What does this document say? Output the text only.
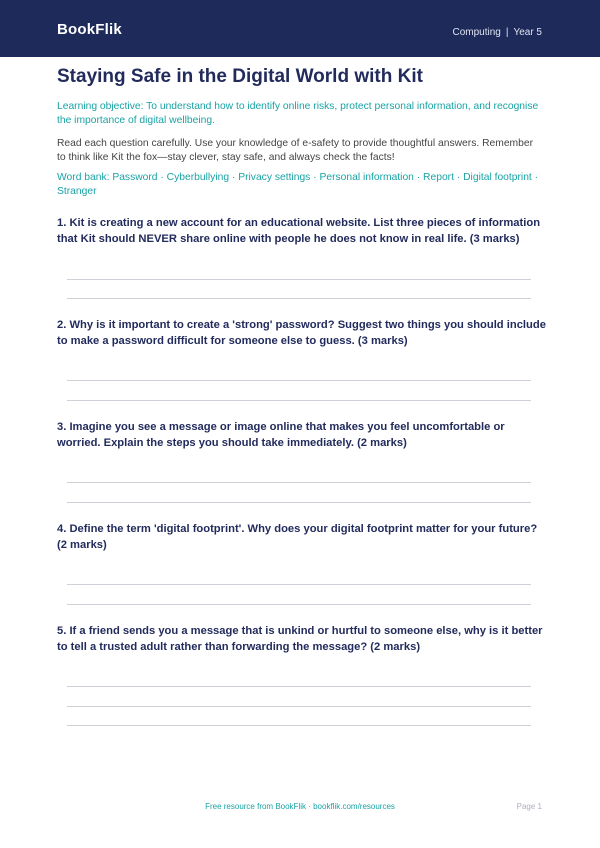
BookFlik	Computing | Year 5
Staying Safe in the Digital World with Kit
Learning objective: To understand how to identify online risks, protect personal information, and recognise the importance of digital wellbeing.
Read each question carefully. Use your knowledge of e-safety to provide thoughtful answers. Remember to think like Kit the fox—stay clever, stay safe, and always check the facts!
Word bank: Password · Cyberbullying · Privacy settings · Personal information · Report · Digital footprint · Stranger
1. Kit is creating a new account for an educational website. List three pieces of information that Kit should NEVER share online with people he does not know in real life. (3 marks)
2. Why is it important to create a 'strong' password? Suggest two things you should include to make a password difficult for someone else to guess. (3 marks)
3. Imagine you see a message or image online that makes you feel uncomfortable or worried. Explain the steps you should take immediately. (2 marks)
4. Define the term 'digital footprint'. Why does your digital footprint matter for your future? (2 marks)
5. If a friend sends you a message that is unkind or hurtful to someone else, why is it better to tell a trusted adult rather than forwarding the message? (2 marks)
Free resource from BookFlik · bookflik.com/resources	Page 1
